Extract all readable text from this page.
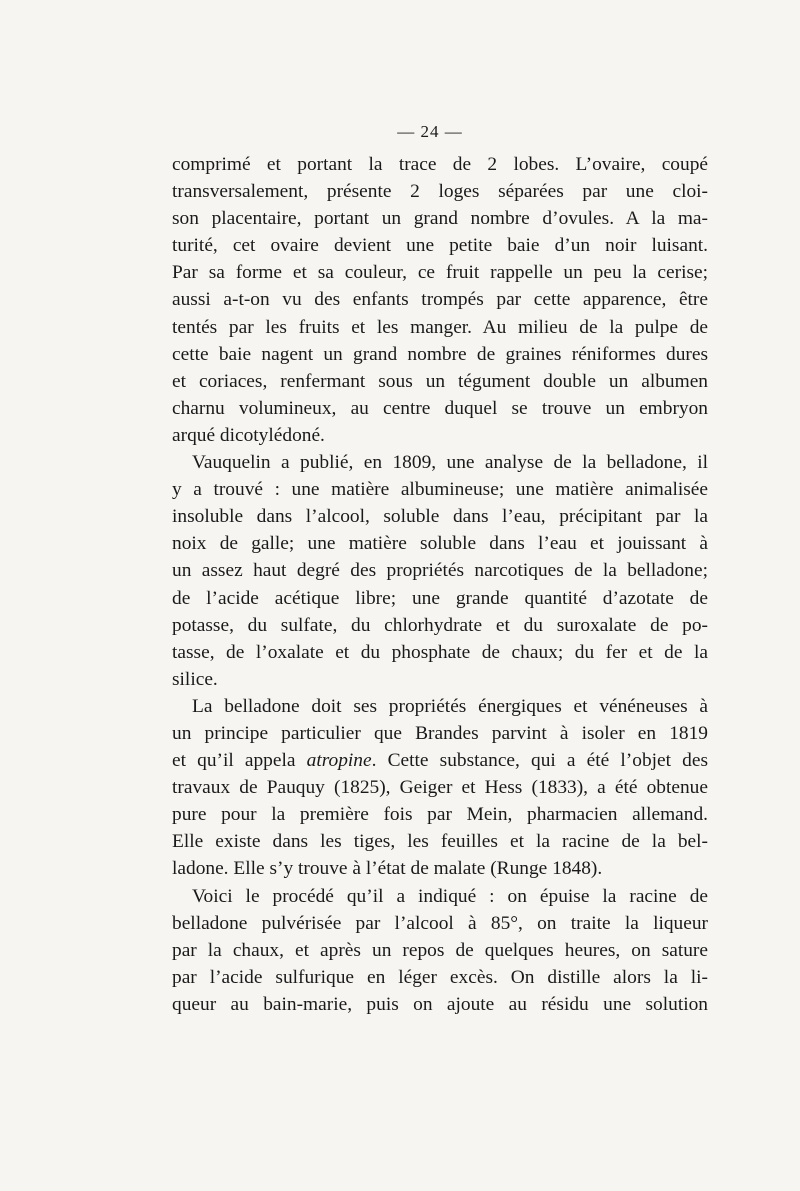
— 24 —
comprimé et portant la trace de 2 lobes. L’ovaire, coupé
transversalement, présente 2 loges séparées par une cloi-
son placentaire, portant un grand nombre d’ovules. A la ma-
turité, cet ovaire devient une petite baie d’un noir luisant.
Par sa forme et sa couleur, ce fruit rappelle un peu la cerise;
aussi a-t-on vu des enfants trompés par cette apparence, être
tentés par les fruits et les manger. Au milieu de la pulpe de
cette baie nagent un grand nombre de graines réniformes dures
et coriaces, renfermant sous un tégument double un albumen
charnu volumineux, au centre duquel se trouve un embryon
arqué dicotylédoné.
Vauquelin a publié, en 1809, une analyse de la belladone, il
y a trouvé : une matière albumineuse; une matière animalisée
insoluble dans l’alcool, soluble dans l’eau, précipitant par la
noix de galle; une matière soluble dans l’eau et jouissant à
un assez haut degré des propriétés narcotiques de la belladone;
de l’acide acétique libre; une grande quantité d’azotate de
potasse, du sulfate, du chlorhydrate et du suroxalate de po-
tasse, de l’oxalate et du phosphate de chaux; du fer et de la
silice.
La belladone doit ses propriétés énergiques et vénéneuses à
un principe particulier que Brandes parvint à isoler en 1819
et qu’il appela atropine. Cette substance, qui a été l’objet des
travaux de Pauquy (1825), Geiger et Hess (1833), a été obtenue
pure pour la première fois par Mein, pharmacien allemand.
Elle existe dans les tiges, les feuilles et la racine de la bel-
ladone. Elle s’y trouve à l’état de malate (Runge 1848).
Voici le procédé qu’il a indiqué : on épuise la racine de
belladone pulvérisée par l’alcool à 85°, on traite la liqueur
par la chaux, et après un repos de quelques heures, on sature
par l’acide sulfurique en léger excès. On distille alors la li-
queur au bain-marie, puis on ajoute au résidu une solution
